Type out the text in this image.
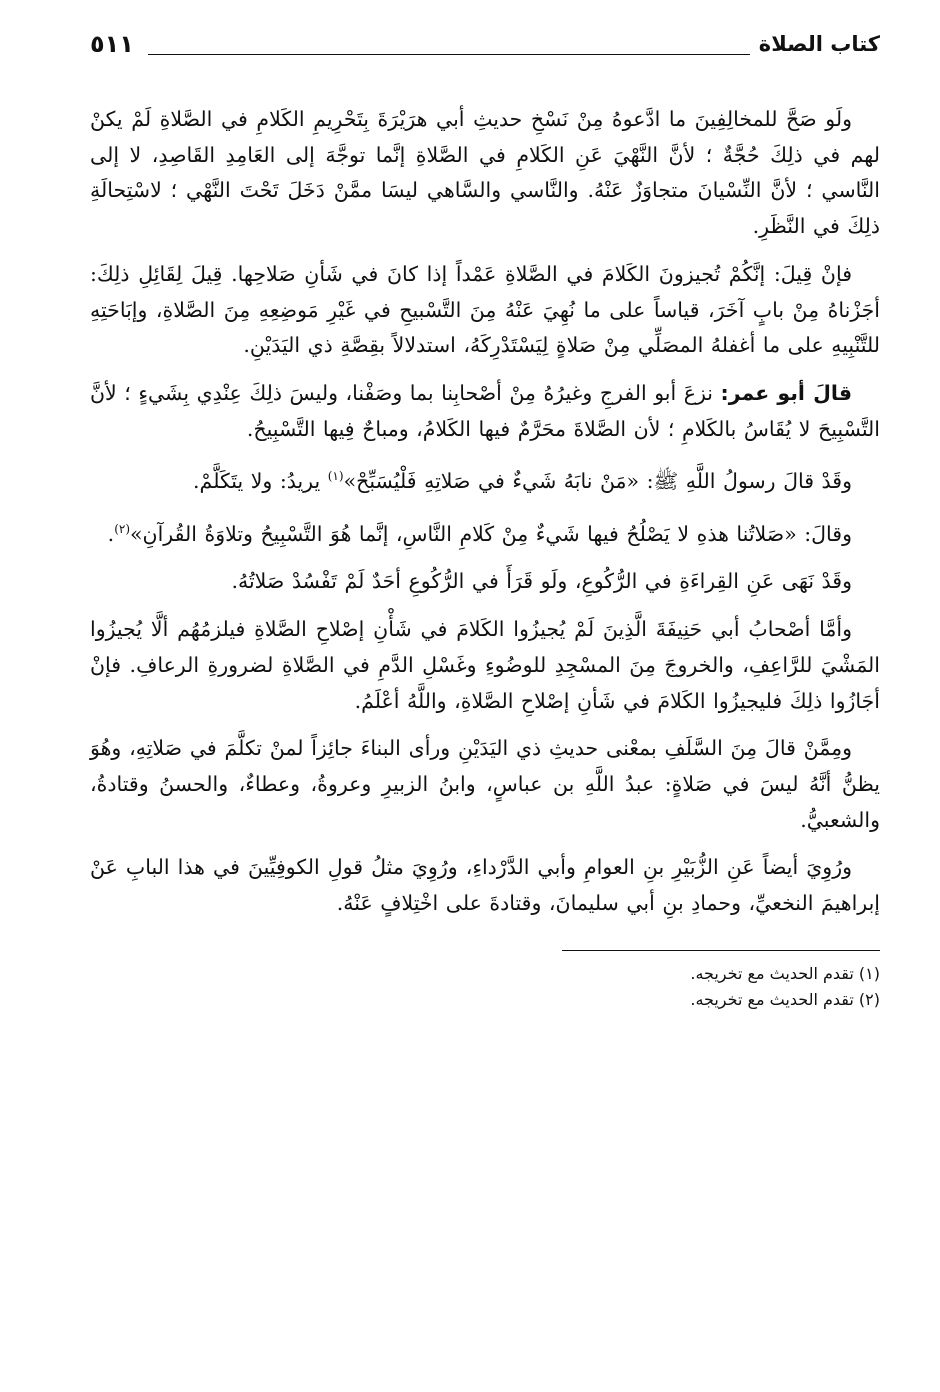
كتاب الصلاة
٥١١

ولَو صَحَّ للمخالِفِينَ ما ادَّعوهُ مِنْ نَسْخِ حديثِ أبي هرَيْرَةَ بِتَحْرِيمِ الكَلامِ في الصَّلاةِ لَمْ يكنْ لهم في ذلِكَ حُجَّةٌ ؛ لأنَّ النَّهْيَ عَنِ الكَلامِ في الصَّلاةِ إنَّما توجَّهَ إلى العَامِدِ القَاصِدِ، لا إلى النَّاسي ؛ لأنَّ النِّسْيانَ متجاوَزٌ عَنْهُ. والنَّاسي والسَّاهي ليسَا ممَّنْ دَخَلَ تَحْتَ النَّهْي ؛ لاسْتِحالَةِ ذلِكَ في النَّظَرِ.

فإنْ قِيلَ: إنَّكُمْ تُجيزونَ الكَلامَ في الصَّلاةِ عَمْداً إذا كانَ في شَأنِ صَلاحِها. قِيلَ لِقَائِلِ ذلِكَ: أجَزْناهُ مِنْ بابٍ آخَرَ، قياساً على ما نُهِيَ عَنْهُ مِنَ التَّسْبيحِ في غَيْرِ مَوضِعِهِ مِنَ الصَّلاةِ، وإبَاحَتِهِ للتَّنْبِيهِ على ما أغفلهُ المصَلِّي مِنْ صَلاةٍ لِيَسْتَدْرِكَهُ، استدلالاً بقِصَّةِ ذي اليَدَيْنِ.

قالَ أبو عمر: نزعَ أبو الفرجِ وغيرُهُ مِنْ أصْحابِنا بما وصَفْنا، وليسَ ذلِكَ عِنْدِي بِشَيءٍ ؛ لأنَّ التَّسْبِيحَ لا يُقَاسُ بالكَلامِ ؛ لأن الصَّلاةَ محَرَّمٌ فيها الكَلامُ، ومباحٌ فِيها التَّسْبِيحُ.

وقَدْ قالَ رسولُ اللَّهِ ﷺ: «مَنْ نابَهُ شَيءٌ في صَلاتِهِ فَلْيُسَبِّحْ»$^{(١)}$ يريدُ: ولا يتَكَلَّمْ.

وقالَ: «صَلاتُنا هذهِ لا يَصْلُحُ فيها شَيءٌ مِنْ كَلامِ النَّاسِ، إنَّما هُوَ التَّسْبِيحُ وتلاوَةُ القُرآنِ»$^{(٢)}$.

وقَدْ نَهَى عَنِ القِراءَةِ في الرُّكُوعِ، ولَو قَرَأَ في الرُّكُوعِ أحَدٌ لَمْ تَفْسُدْ صَلاتُهُ.

وأمَّا أصْحابُ أبي حَنِيفَةَ الَّذِينَ لَمْ يُجيزُوا الكَلامَ في شَأْنِ إصْلاحِ الصَّلاةِ فيلزمُهُم ألَّا يُجيزُوا المَشْيَ للرَّاعِفِ، والخروجَ مِنَ المسْجِدِ للوضُوءِ وغَسْلِ الدَّمِ في الصَّلاةِ لضرورةِ الرعافِ. فإنْ أجَازُوا ذلِكَ فليجيزُوا الكَلامَ في شَأنِ إصْلاحِ الصَّلاةِ، واللَّهُ أعْلَمُ.

ومِمَّنْ قالَ مِنَ السَّلَفِ بمعْنى حديثِ ذي اليَدَيْنِ ورأى البناءَ جائِزاً لمنْ تكلَّمَ في صَلاتِهِ، وهُوَ يظنُّ أنَّهُ ليسَ في صَلاةٍ: عبدُ اللَّهِ بن عباسٍ، وابنُ الزبيرِ وعروةُ، وعطاءٌ، والحسنُ وقتادةُ، والشعبيُّ.

ورُوِيَ أيضاً عَنِ الزُّبَيْرِ بنِ العوامِ وأبي الدَّرْداءِ، ورُوِيَ مثلُ قولِ الكوفِيِّينَ في هذا البابِ عَنْ إبراهيمَ النخعيِّ، وحمادِ بنِ أبي سليمانَ، وقتادةَ على اخْتِلافٍ عَنْهُ.

(١) تقدم الحديث مع تخريجه.

(٢) تقدم الحديث مع تخريجه.
